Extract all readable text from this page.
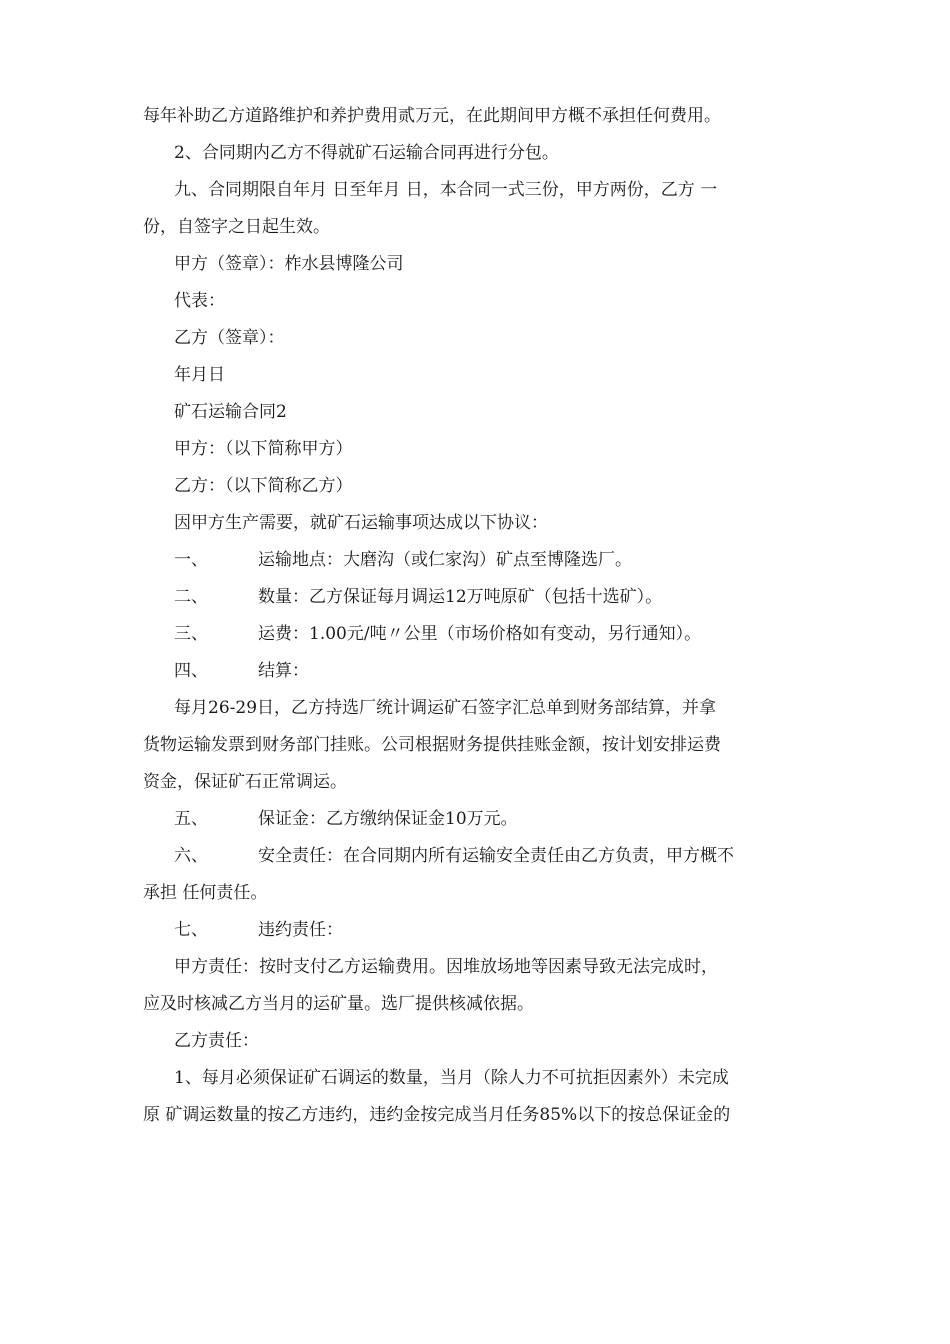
每年补助乙方道路维护和养护费用贰万元，在此期间甲方概不承担任何费用。
2、合同期内乙方不得就矿石运输合同再进行分包。
九、合同期限自年月 日至年月 日，本合同一式三份，甲方两份，乙方 一
份，自签字之日起生效。
甲方（签章）：柞水县博隆公司
代表：
乙方（签章）：
年月日
矿石运输合同2
甲方：（以下简称甲方）
乙方：（以下简称乙方）
因甲方生产需要，就矿石运输事项达成以下协议：
一、	运输地点：大磨沟（或仁家沟）矿点至博隆选厂。
二、	数量：乙方保证每月调运12万吨原矿（包括十选矿）。
三、	运费：1.00元/吨〃公里（市场价格如有变动，另行通知）。
四、	结算：
每月26-29日，乙方持选厂统计调运矿石签字汇总单到财务部结算，并拿
货物运输发票到财务部门挂账。公司根据财务提供挂账金额，按计划安排运费
资金，保证矿石正常调运。
五、	保证金：乙方缴纳保证金10万元。
六、	安全责任：在合同期内所有运输安全责任由乙方负责，甲方概不
承担 任何责任。
七、	违约责任：
甲方责任：按时支付乙方运输费用。因堆放场地等因素导致无法完成时，
应及时核减乙方当月的运矿量。选厂提供核减依据。
乙方责任：
1、每月必须保证矿石调运的数量，当月（除人力不可抗拒因素外）未完成
原 矿调运数量的按乙方违约，违约金按完成当月任务85%以下的按总保证金的
